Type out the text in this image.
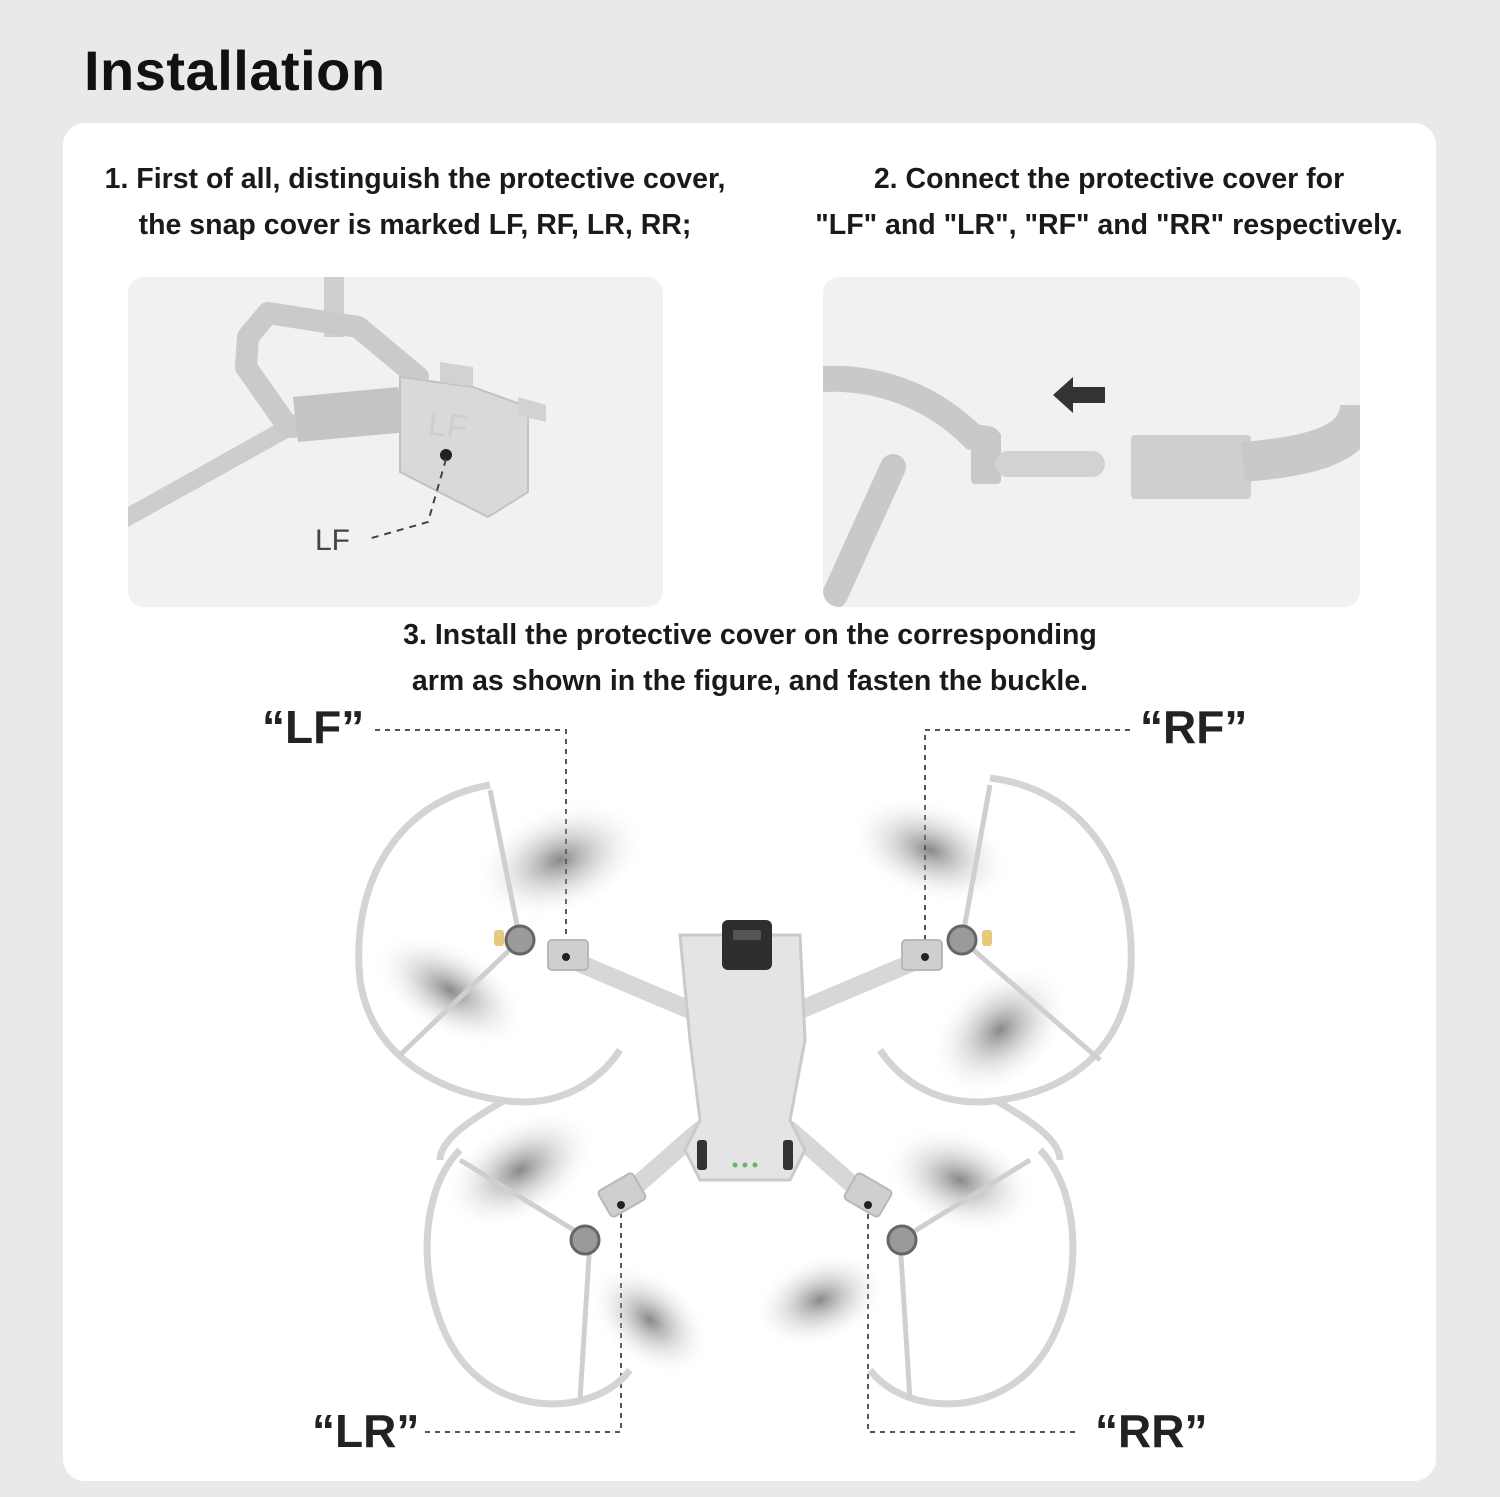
Installation
1. First of all, distinguish the protective cover,
the snap cover is marked LF, RF, LR, RR;
2. Connect the protective cover for
"LF" and "LR", "RF" and "RR" respectively.
LF
LF
3. Install the protective cover on the corresponding
arm as shown in the figure, and fasten the buckle.
“LF”	“RF”
“LR”	“RR”
